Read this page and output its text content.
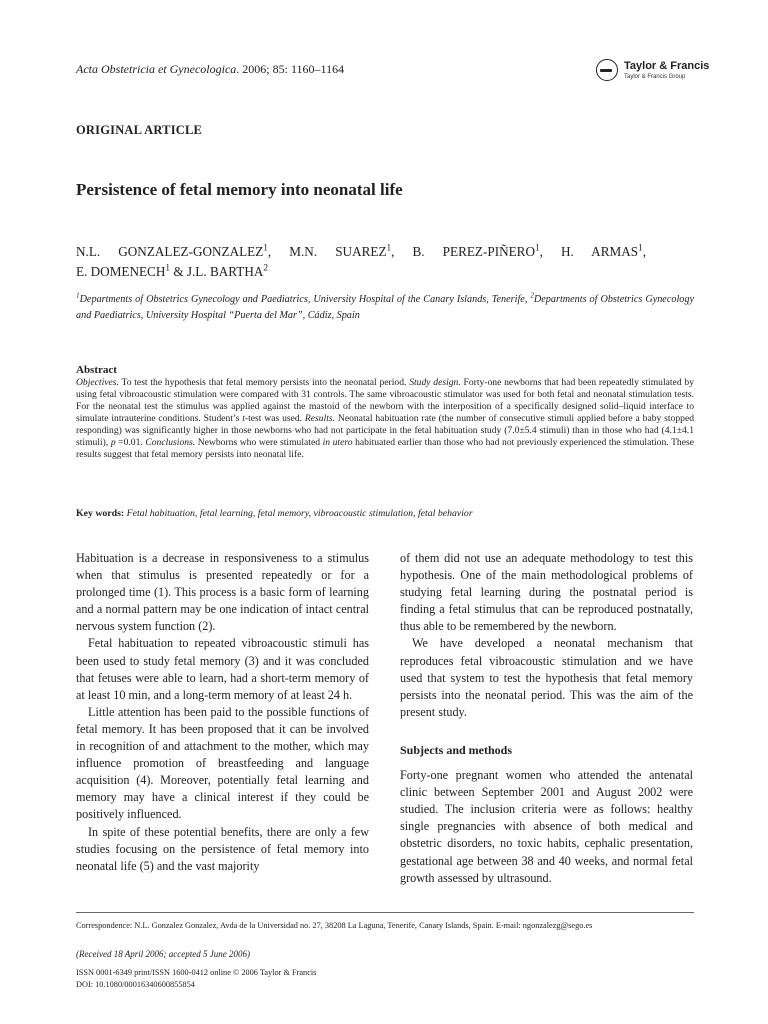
Acta Obstetricia et Gynecologica. 2006; 85: 1160–1164	Taylor & Francis
Taylor & Francis Group
ORIGINAL ARTICLE
Persistence of fetal memory into neonatal life
N.L. GONZALEZ-GONZALEZ$^1$, M.N. SUAREZ$^1$, B. PEREZ-PIÑERO$^1$, H. ARMAS$^1$,
E. DOMENECH$^1$ & J.L. BARTHA$^2$
$^1$Departments of Obstetrics Gynecology and Paediatrics, University Hospital of the Canary Islands, Tenerife, $^2$Departments of Obstetrics Gynecology and Paediatrics, University Hospital “Puerta del Mar”, Cádiz, Spain
Abstract
Objectives. To test the hypothesis that fetal memory persists into the neonatal period. Study design. Forty-one newborns that had been repeatedly stimulated by using fetal vibroacoustic stimulation were compared with 31 controls. The same vibroacoustic stimulator was used for both fetal and neonatal stimulation tests. For the neonatal test the stimulus was applied against the mastoid of the newborn with the interposition of a specifically designed solid–liquid interface to simulate intrauterine conditions. Student’s t-test was used. Results. Neonatal habituation rate (the number of consecutive stimuli applied before a baby stopped responding) was significantly higher in those newborns who had not participate in the fetal habituation study (7.0±5.4 stimuli) than in those who had (4.1±4.1 stimuli), p =0.01. Conclusions. Newborns who were stimulated in utero habituated earlier than those who had not previously experienced the stimulation. These results suggest that fetal memory persists into neonatal life.
Key words: Fetal habituation, fetal learning, fetal memory, vibroacoustic stimulation, fetal behavior

Habituation is a decrease in responsiveness to a stimulus when that stimulus is presented repeatedly or for a prolonged time (1). This process is a basic form of learning and a normal pattern may be one indication of intact central nervous system function (2).

Fetal habituation to repeated vibroacoustic stimuli has been used to study fetal memory (3) and it was concluded that fetuses were able to learn, had a short-term memory of at least 10 min, and a long-term memory of at least 24 h.

Little attention has been paid to the possible functions of fetal memory. It has been proposed that it can be involved in recognition of and attachment to the mother, which may influence promotion of breastfeeding and language acquisition (4). Moreover, potentially fetal learning and memory may have a clinical interest if they could be positively influenced.

In spite of these potential benefits, there are only a few studies focusing on the persistence of fetal memory into neonatal life (5) and the vast majority

of them did not use an adequate methodology to test this hypothesis. One of the main methodological problems of studying fetal learning during the postnatal period is finding a fetal stimulus that can be reproduced postnatally, thus able to be remembered by the newborn.

We have developed a neonatal mechanism that reproduces fetal vibroacoustic stimulation and we have used that system to test the hypothesis that fetal memory persists into the neonatal period. This was the aim of the present study.

Subjects and methods

Forty-one pregnant women who attended the antenatal clinic between September 2001 and August 2002 were studied. The inclusion criteria were as follows: healthy single pregnancies with absence of both medical and obstetric disorders, no toxic habits, cephalic presentation, gestational age between 38 and 40 weeks, and normal fetal growth assessed by ultrasound.

Correspondence: N.L. Gonzalez Gonzalez, Avda de la Universidad no. 27, 38208 La Laguna, Tenerife, Canary Islands, Spain. E-mail: ngonzalezg@sego.es
(Received 18 April 2006; accepted 5 June 2006)
ISSN 0001-6349 print/ISSN 1600-0412 online © 2006 Taylor & Francis
DOI: 10.1080/00016340600855854
